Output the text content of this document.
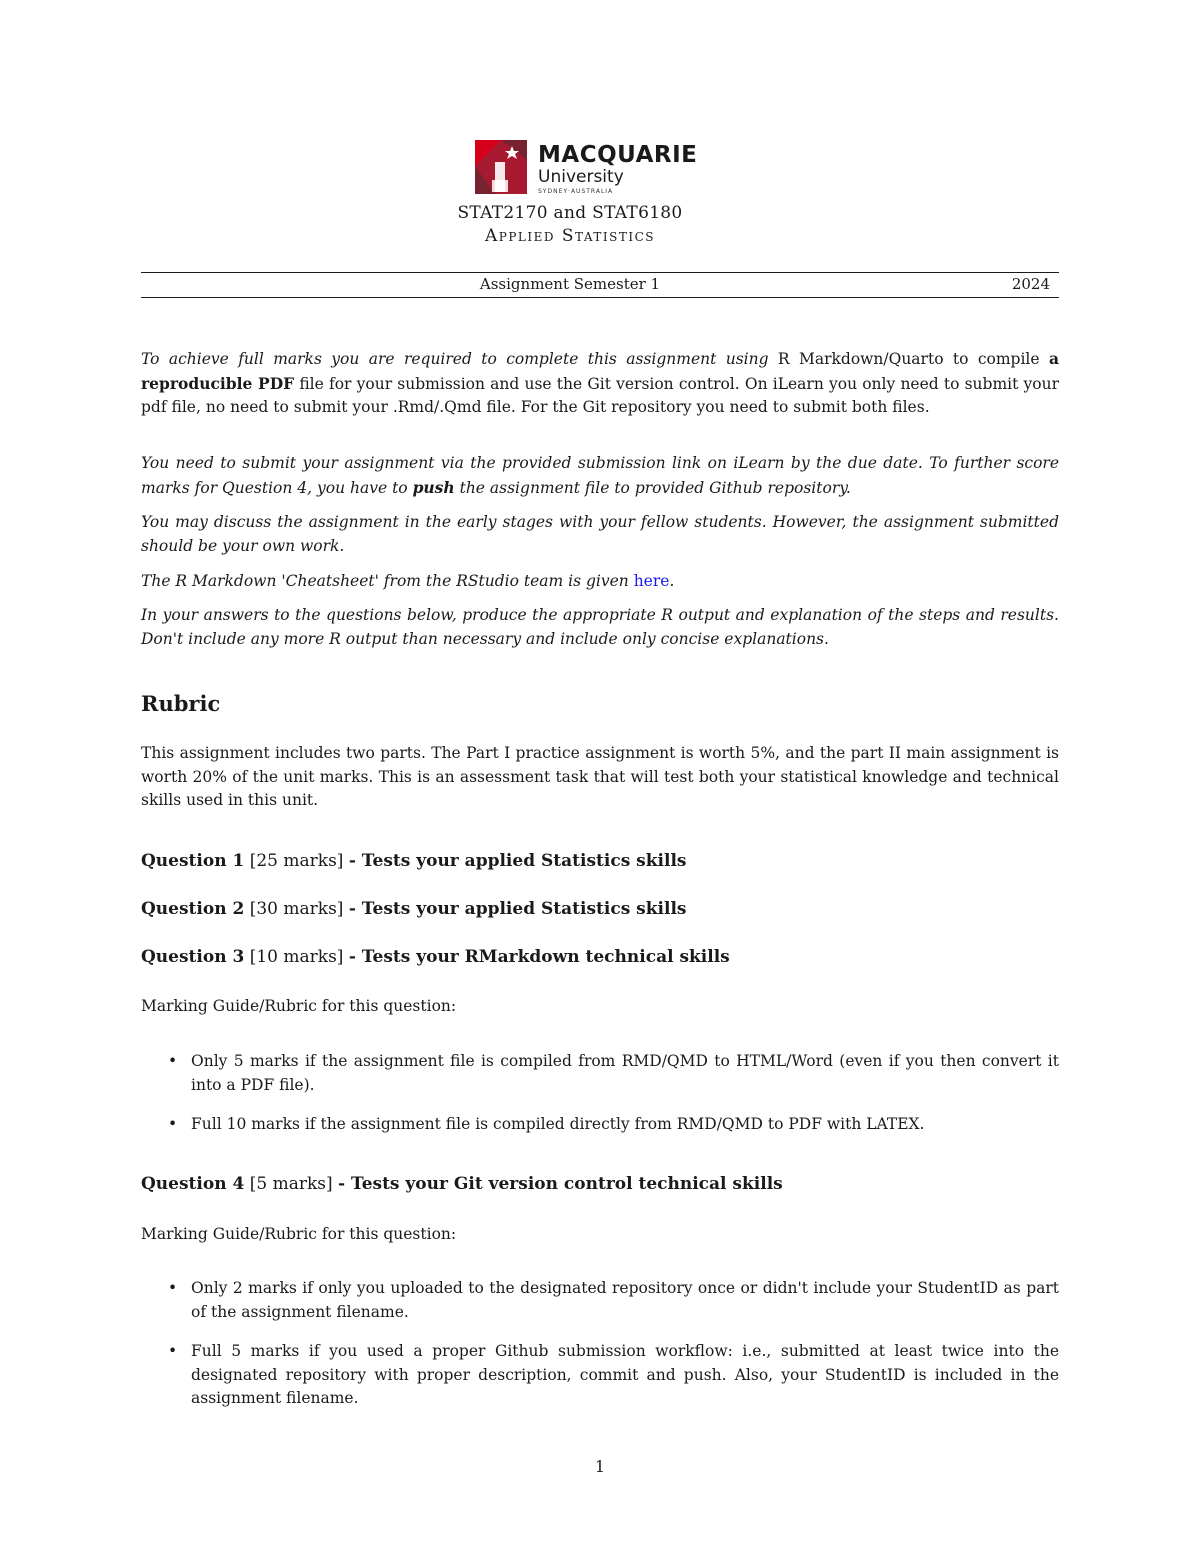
MACQUARIE
University
SYDNEY·AUSTRALIA
STAT2170 and STAT6180
Applied Statistics
Assignment Semester 1	2024
To achieve full marks you are required to complete this assignment using R Markdown/Quarto to compile a reproducible PDF file for your submission and use the Git version control. On iLearn you only need to submit your pdf file, no need to submit your .Rmd/.Qmd file. For the Git repository you need to submit both files.
You need to submit your assignment via the provided submission link on iLearn by the due date. To further score marks for Question 4, you have to push the assignment file to provided Github repository.
You may discuss the assignment in the early stages with your fellow students. However, the assignment submitted should be your own work.
The R Markdown 'Cheatsheet' from the RStudio team is given here.
In your answers to the questions below, produce the appropriate R output and explanation of the steps and results. Don't include any more R output than necessary and include only concise explanations.
Rubric
This assignment includes two parts. The Part I practice assignment is worth 5%, and the part II main assignment is worth 20% of the unit marks. This is an assessment task that will test both your statistical knowledge and technical skills used in this unit.
Question 1 [25 marks] - Tests your applied Statistics skills
Question 2 [30 marks] - Tests your applied Statistics skills
Question 3 [10 marks] - Tests your RMarkdown technical skills
Marking Guide/Rubric for this question:
• Only 5 marks if the assignment file is compiled from RMD/QMD to HTML/Word (even if you then convert it into a PDF file).
• Full 10 marks if the assignment file is compiled directly from RMD/QMD to PDF with LATEX.
Question 4 [5 marks] - Tests your Git version control technical skills
Marking Guide/Rubric for this question:
• Only 2 marks if only you uploaded to the designated repository once or didn't include your StudentID as part of the assignment filename.
• Full 5 marks if you used a proper Github submission workflow: i.e., submitted at least twice into the designated repository with proper description, commit and push. Also, your StudentID is included in the assignment filename.
1
